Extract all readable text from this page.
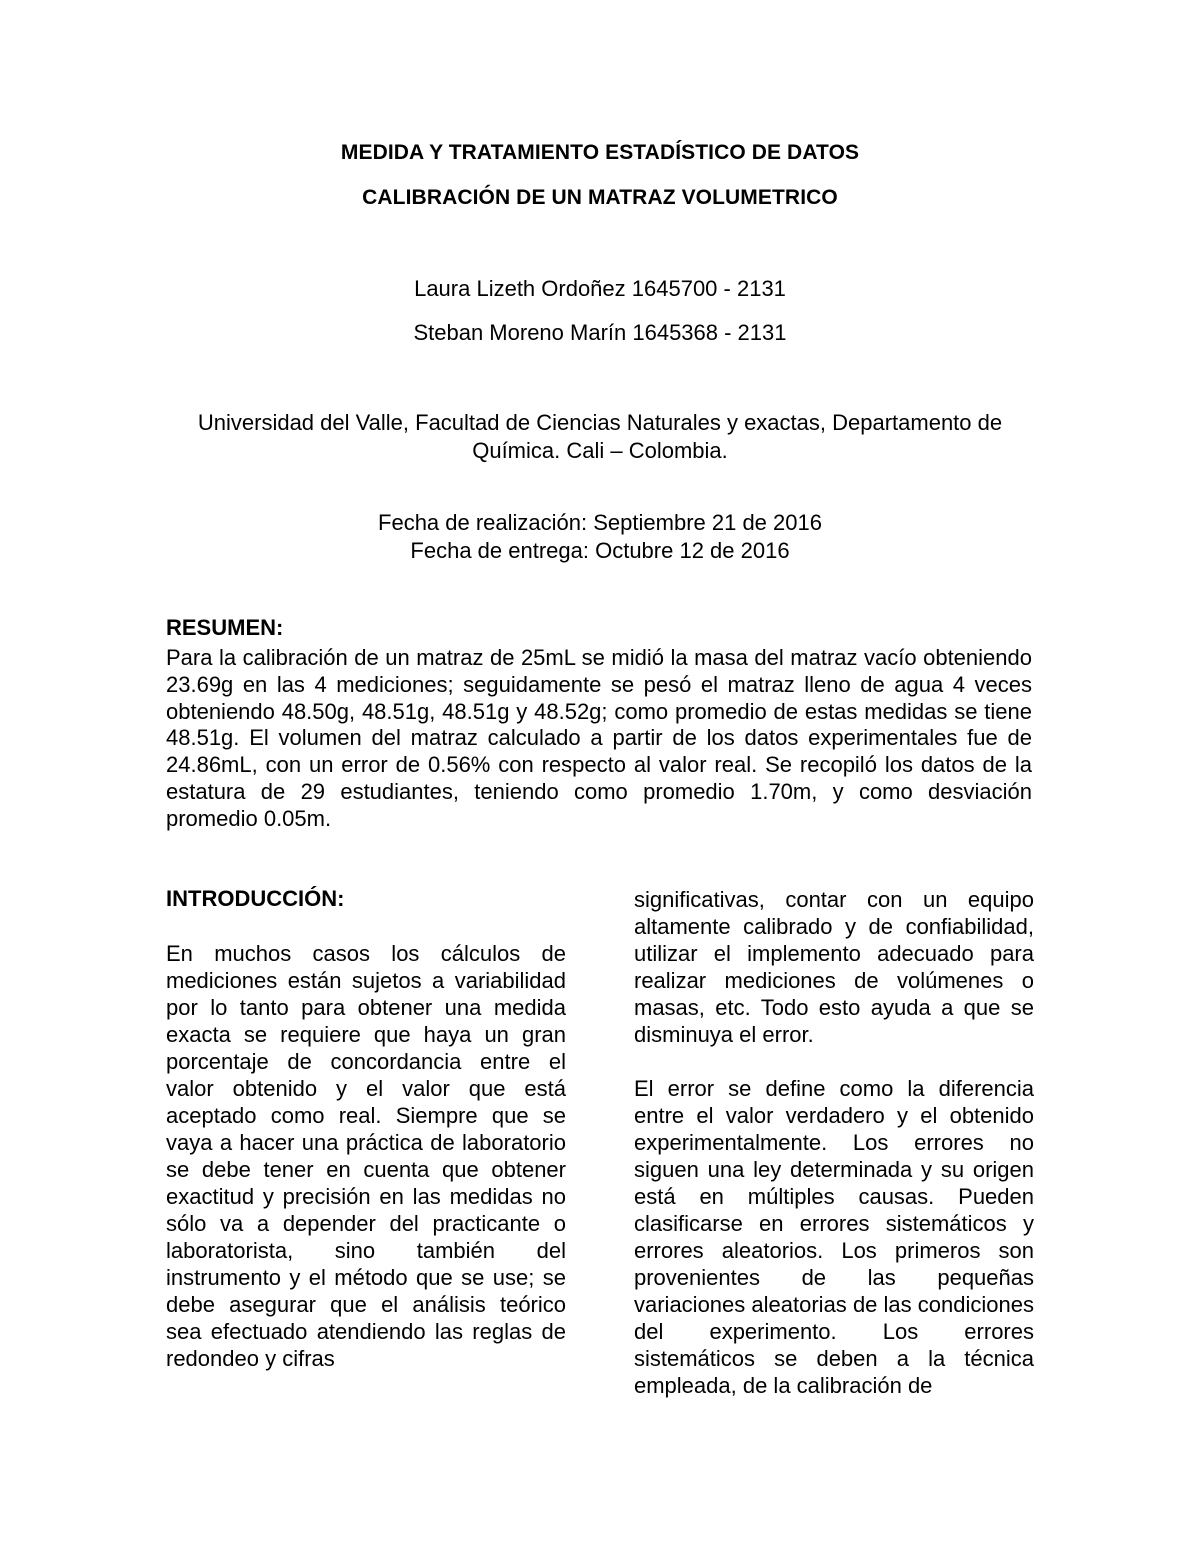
MEDIDA Y TRATAMIENTO ESTADÍSTICO DE DATOS
CALIBRACIÓN DE UN MATRAZ VOLUMETRICO
Laura Lizeth Ordoñez 1645700 - 2131
Steban Moreno Marín 1645368 - 2131
Universidad del Valle, Facultad de Ciencias Naturales y exactas, Departamento de Química. Cali – Colombia.
Fecha de realización: Septiembre 21 de 2016
Fecha de entrega: Octubre 12 de 2016
RESUMEN:
Para la calibración de un matraz de 25mL se midió la masa del matraz vacío obteniendo 23.69g en las 4 mediciones; seguidamente se pesó el matraz lleno de agua 4 veces obteniendo 48.50g, 48.51g, 48.51g y 48.52g; como promedio de estas medidas se tiene 48.51g. El volumen del matraz calculado a partir de los datos experimentales fue de 24.86mL, con un error de 0.56% con respecto al valor real. Se recopiló los datos de la estatura de 29 estudiantes, teniendo como promedio 1.70m, y como desviación promedio 0.05m.
INTRODUCCIÓN:

En muchos casos los cálculos de mediciones están sujetos a variabilidad por lo tanto para obtener una medida exacta se requiere que haya un gran porcentaje de concordancia entre el valor obtenido y el valor que está aceptado como real. Siempre que se vaya a hacer una práctica de laboratorio se debe tener en cuenta que obtener exactitud y precisión en las medidas no sólo va a depender del practicante o laboratorista, sino también del instrumento y el método que se use; se debe asegurar que el análisis teórico sea efectuado atendiendo las reglas de redondeo y cifras

significativas, contar con un equipo altamente calibrado y de confiabilidad, utilizar el implemento adecuado para realizar mediciones de volúmenes o masas, etc. Todo esto ayuda a que se disminuya el error.

El error se define como la diferencia entre el valor verdadero y el obtenido experimentalmente. Los errores no siguen una ley determinada y su origen está en múltiples causas. Pueden clasificarse en errores sistemáticos y errores aleatorios. Los primeros son provenientes de las pequeñas variaciones aleatorias de las condiciones del experimento. Los errores sistemáticos se deben a la técnica empleada, de la calibración de
